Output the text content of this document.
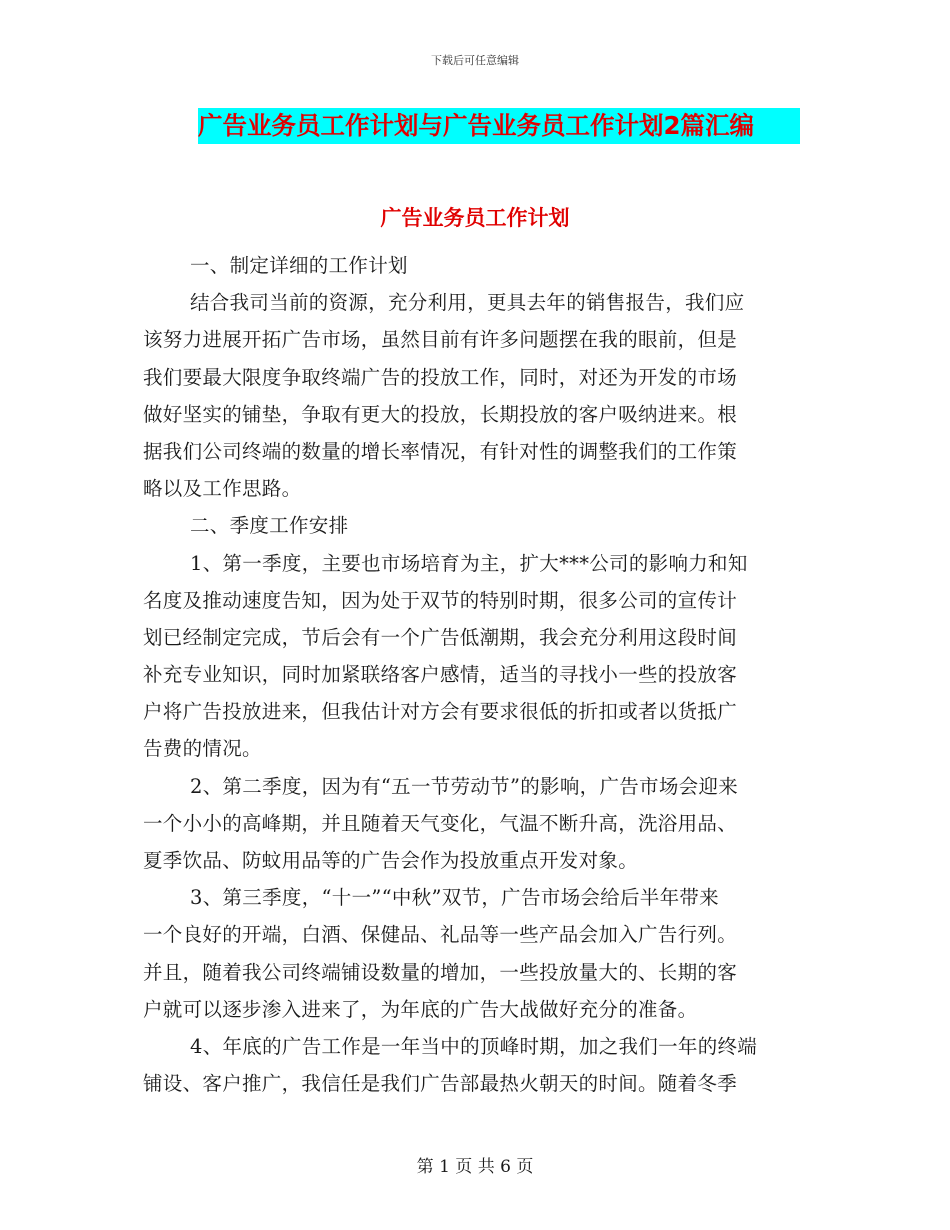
下载后可任意编辑
广告业务员工作计划与广告业务员工作计划2篇汇编
广告业务员工作计划
一、制定详细的工作计划
结合我司当前的资源，充分利用，更具去年的销售报告，我们应
该努力进展开拓广告市场，虽然目前有许多问题摆在我的眼前，但是
我们要最大限度争取终端广告的投放工作，同时，对还为开发的市场
做好坚实的铺垫，争取有更大的投放，长期投放的客户吸纳进来。根
据我们公司终端的数量的增长率情况，有针对性的调整我们的工作策
略以及工作思路。
二、季度工作安排
1、第一季度，主要也市场培育为主，扩大***公司的影响力和知
名度及推动速度告知，因为处于双节的特别时期，很多公司的宣传计
划已经制定完成，节后会有一个广告低潮期，我会充分利用这段时间
补充专业知识，同时加紧联络客户感情，适当的寻找小一些的投放客
户将广告投放进来，但我估计对方会有要求很低的折扣或者以货抵广
告费的情况。
2、第二季度，因为有“五一节劳动节”的影响，广告市场会迎来
一个小小的高峰期，并且随着天气变化，气温不断升高，洗浴用品、
夏季饮品、防蚊用品等的广告会作为投放重点开发对象。
3、第三季度，“十一”“中秋”双节，广告市场会给后半年带来
一个良好的开端，白酒、保健品、礼品等一些产品会加入广告行列。
并且，随着我公司终端铺设数量的增加，一些投放量大的、长期的客
户就可以逐步渗入进来了，为年底的广告大战做好充分的准备。
4、年底的广告工作是一年当中的顶峰时期，加之我们一年的终端
铺设、客户推广，我信任是我们广告部最热火朝天的时间。随着冬季
第 1 页 共 6 页
